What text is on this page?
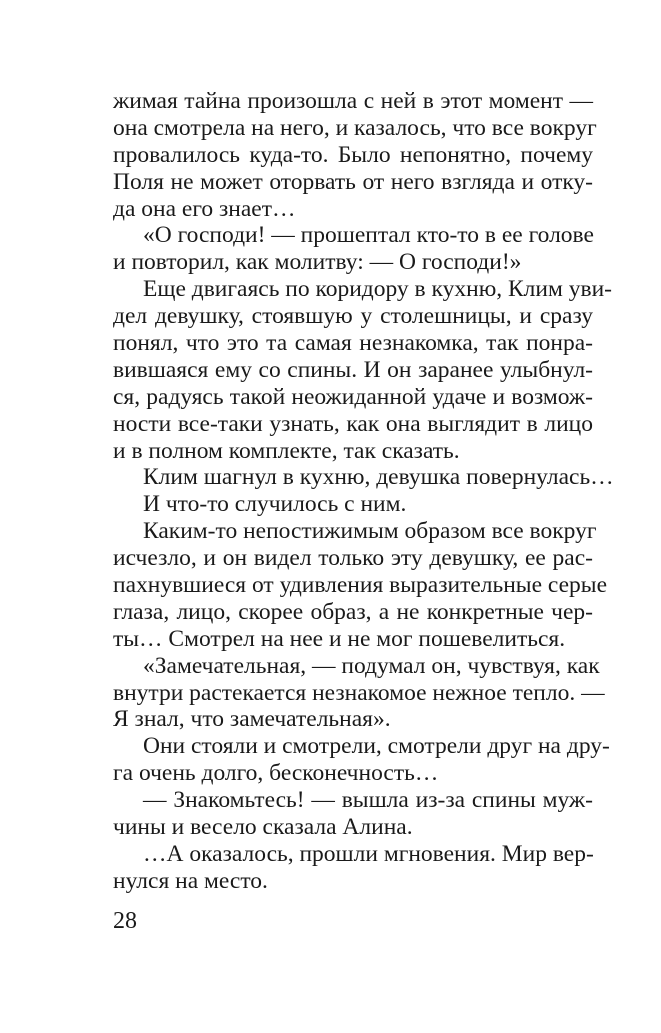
жимая тайна произошла с ней в этот момент —
она смотрела на него, и казалось, что все вокруг
провалилось куда-то. Было непонятно, почему
Поля не может оторвать от него взгляда и отку-
да она его знает…
«О господи! — прошептал кто-то в ее голове
и повторил, как молитву: — О господи!»
Еще двигаясь по коридору в кухню, Клим уви-
дел девушку, стоявшую у столешницы, и сразу
понял, что это та самая незнакомка, так понра-
вившаяся ему со спины. И он заранее улыбнул-
ся, радуясь такой неожиданной удаче и возмож-
ности все-таки узнать, как она выглядит в лицо
и в полном комплекте, так сказать.
Клим шагнул в кухню, девушка повернулась…
И что-то случилось с ним.
Каким-то непостижимым образом все вокруг
исчезло, и он видел только эту девушку, ее рас-
пахнувшиеся от удивления выразительные серые
глаза, лицо, скорее образ, а не конкретные чер-
ты… Смотрел на нее и не мог пошевелиться.
«Замечательная, — подумал он, чувствуя, как
внутри растекается незнакомое нежное тепло. —
Я знал, что замечательная».
Они стояли и смотрели, смотрели друг на дру-
га очень долго, бесконечность…
— Знакомьтесь! — вышла из-за спины муж-
чины и весело сказала Алина.
…А оказалось, прошли мгновения. Мир вер-
нулся на место.
28
